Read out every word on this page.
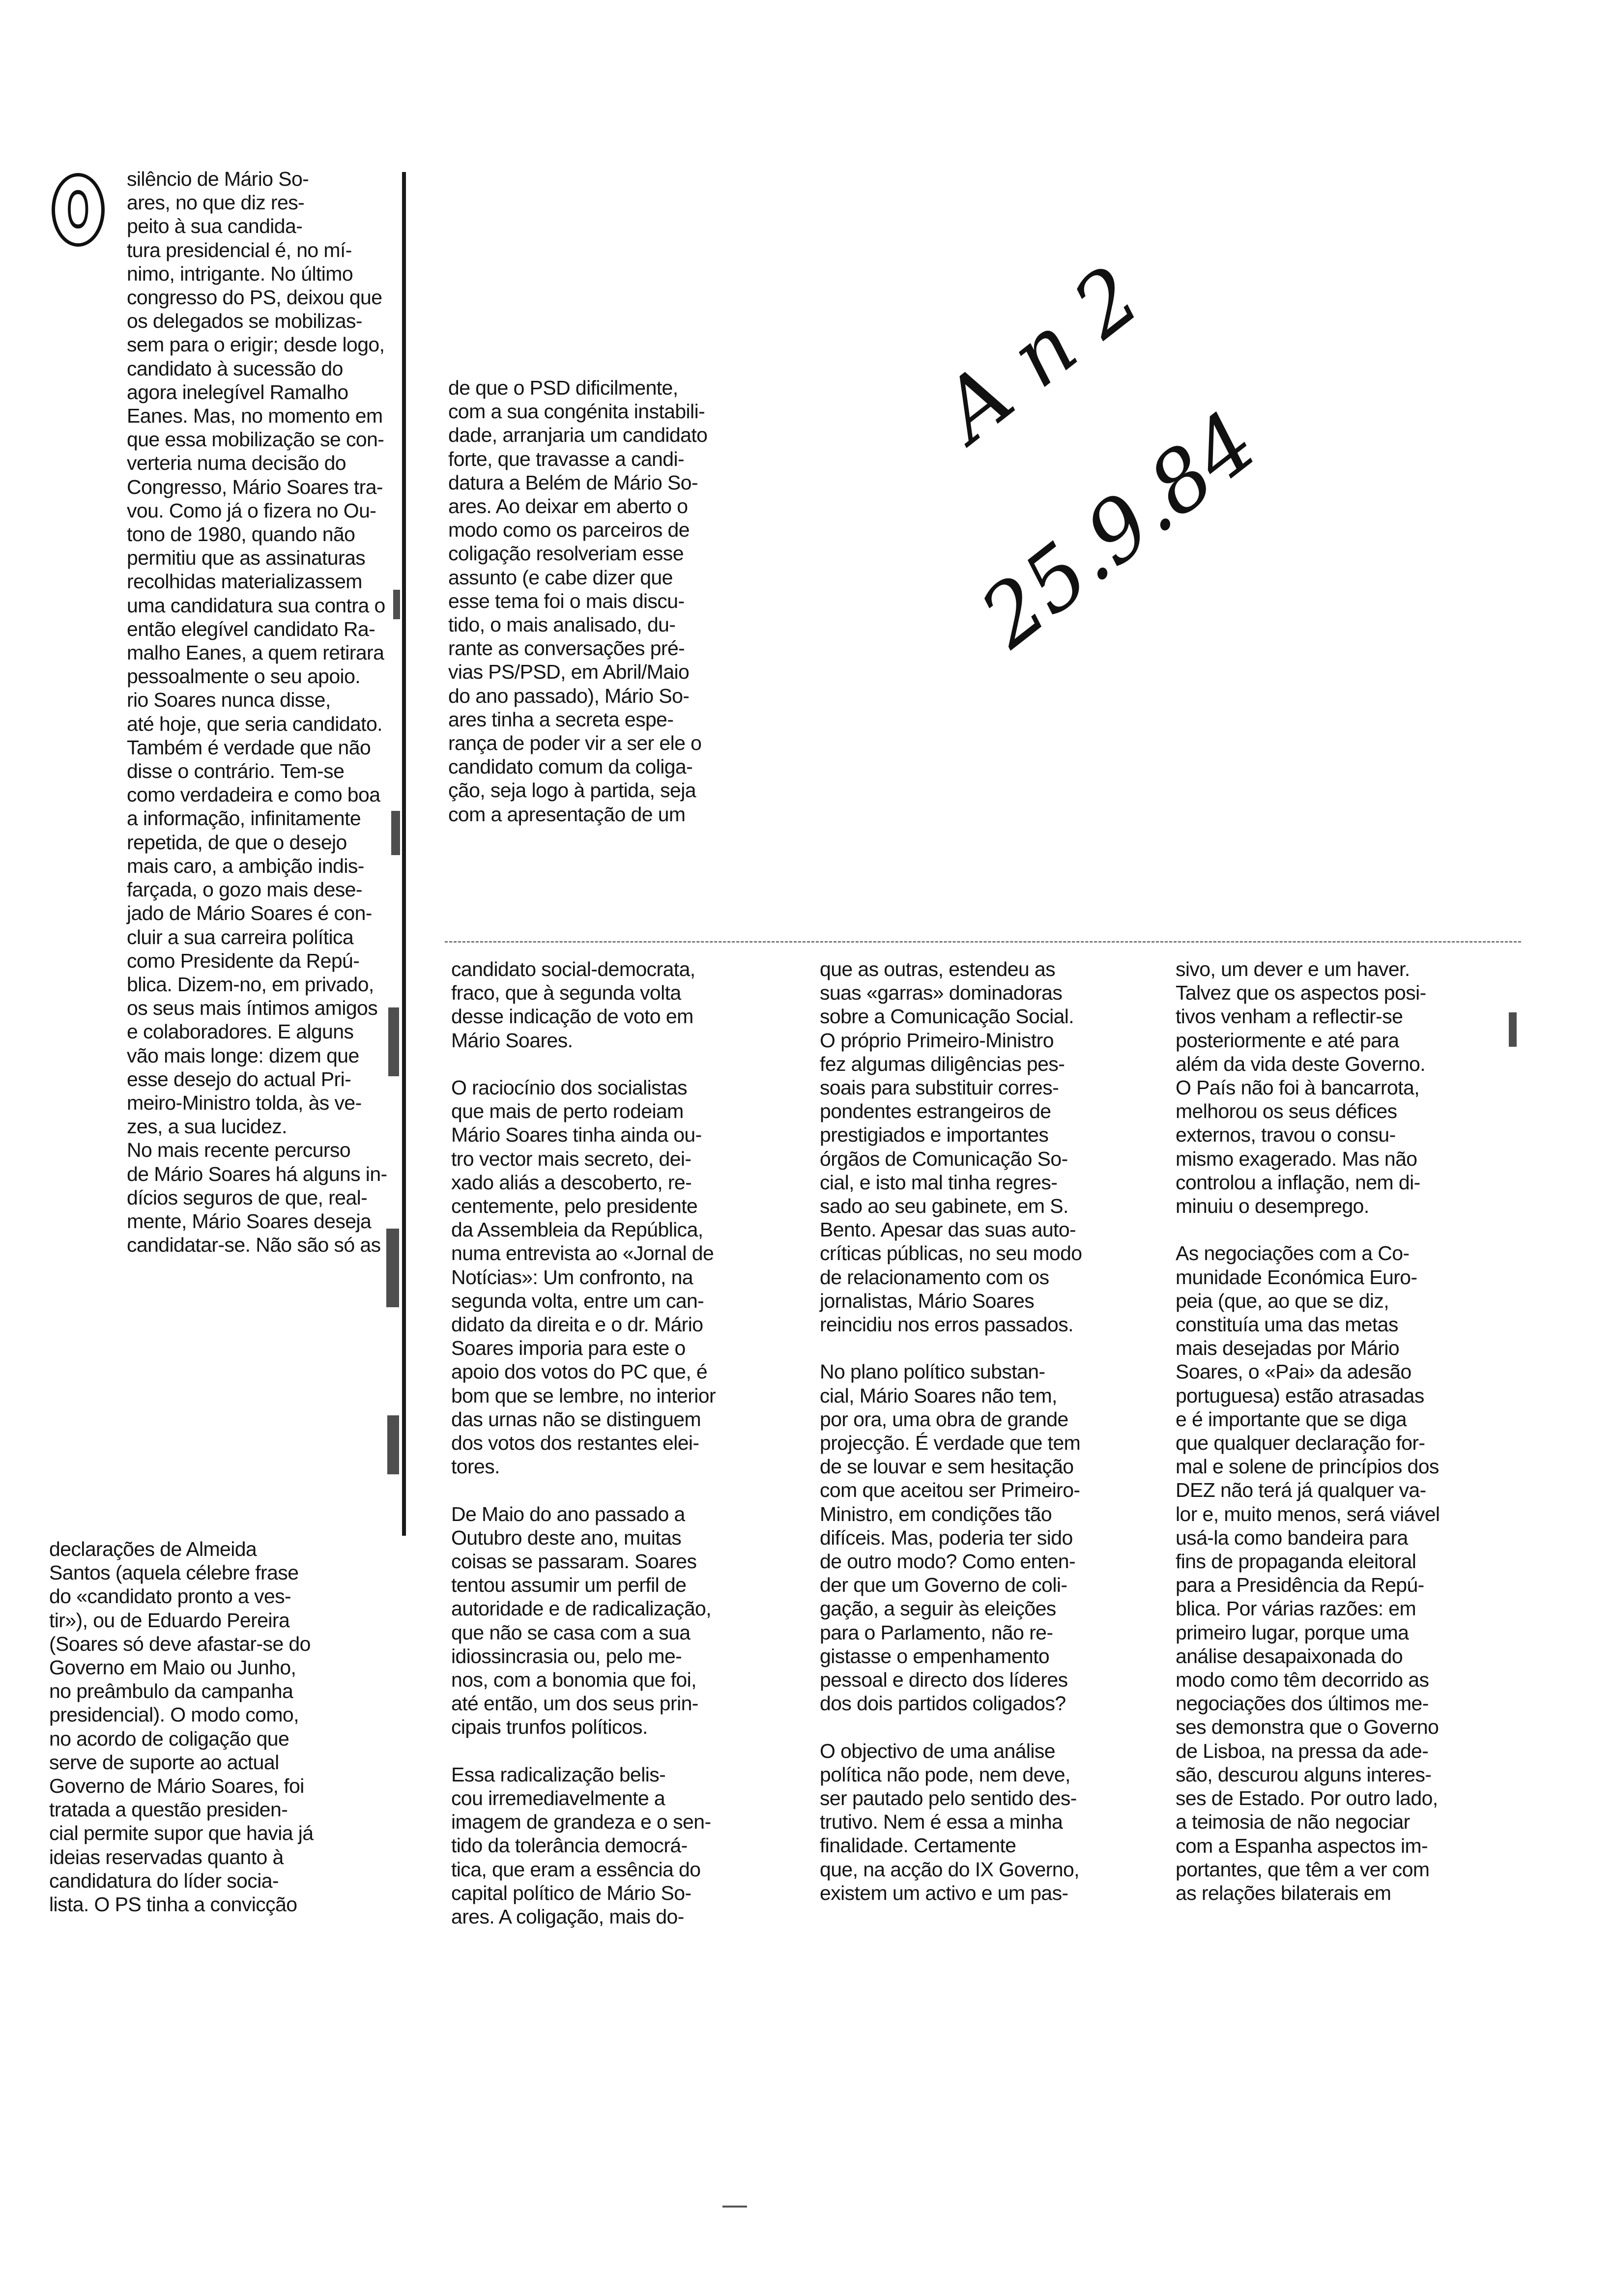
O
silêncio de Mário So-
ares, no que diz res-
peito à sua candida-
tura presidencial é, no mí-
nimo, intrigante. No último
congresso do PS, deixou que
os delegados se mobilizas-
sem para o erigir; desde logo,
candidato à sucessão do
agora inelegível Ramalho
Eanes. Mas, no momento em
que essa mobilização se con-
verteria numa decisão do
Congresso, Mário Soares tra-
vou. Como já o fizera no Ou-
tono de 1980, quando não
permitiu que as assinaturas
recolhidas materializassem
uma candidatura sua contra o
então elegível candidato Ra-
malho Eanes, a quem retirara
pessoalmente o seu apoio.
rio Soares nunca disse,
até hoje, que seria candidato.
Também é verdade que não
disse o contrário. Tem-se
como verdadeira e como boa
a informação, infinitamente
repetida, de que o desejo
mais caro, a ambição indis-
farçada, o gozo mais dese-
jado de Mário Soares é con-
cluir a sua carreira política
como Presidente da Repú-
blica. Dizem-no, em privado,
os seus mais íntimos amigos
e colaboradores. E alguns
vão mais longe: dizem que
esse desejo do actual Pri-
meiro-Ministro tolda, às ve-
zes, a sua lucidez.
No mais recente percurso
de Mário Soares há alguns in-
dícios seguros de que, real-
mente, Mário Soares deseja
candidatar-se. Não são só as
declarações de Almeida
Santos (aquela célebre frase
do «candidato pronto a ves-
tir»), ou de Eduardo Pereira
(Soares só deve afastar-se do
Governo em Maio ou Junho,
no preâmbulo da campanha
presidencial). O modo como,
no acordo de coligação que
serve de suporte ao actual
Governo de Mário Soares, foi
tratada a questão presiden-
cial permite supor que havia já
ideias reservadas quanto à
candidatura do líder socia-
lista. O PS tinha a convicção
de que o PSD dificilmente,
com a sua congénita instabili-
dade, arranjaria um candidato
forte, que travasse a candi-
datura a Belém de Mário So-
ares. Ao deixar em aberto o
modo como os parceiros de
coligação resolveriam esse
assunto (e cabe dizer que
esse tema foi o mais discu-
tido, o mais analisado, du-
rante as conversações pré-
vias PS/PSD, em Abril/Maio
do ano passado), Mário So-
ares tinha a secreta espe-
rança de poder vir a ser ele o
candidato comum da coliga-
ção, seja logo à partida, seja
com a apresentação de um
candidato social-democrata,
fraco, que à segunda volta
desse indicação de voto em
Mário Soares.
O raciocínio dos socialistas
que mais de perto rodeiam
Mário Soares tinha ainda ou-
tro vector mais secreto, dei-
xado aliás a descoberto, re-
centemente, pelo presidente
da Assembleia da República,
numa entrevista ao «Jornal de
Notícias»: Um confronto, na
segunda volta, entre um can-
didato da direita e o dr. Mário
Soares imporia para este o
apoio dos votos do PC que, é
bom que se lembre, no interior
das urnas não se distinguem
dos votos dos restantes elei-
tores.
De Maio do ano passado a
Outubro deste ano, muitas
coisas se passaram. Soares
tentou assumir um perfil de
autoridade e de radicalização,
que não se casa com a sua
idiossincrasia ou, pelo me-
nos, com a bonomia que foi,
até então, um dos seus prin-
cipais trunfos políticos.
Essa radicalização belis-
cou irremediavelmente a
imagem de grandeza e o sen-
tido da tolerância democrá-
tica, que eram a essência do
capital político de Mário So-
ares. A coligação, mais do-
que as outras, estendeu as
suas «garras» dominadoras
sobre a Comunicação Social.
O próprio Primeiro-Ministro
fez algumas diligências pes-
soais para substituir corres-
pondentes estrangeiros de
prestigiados e importantes
órgãos de Comunicação So-
cial, e isto mal tinha regres-
sado ao seu gabinete, em S.
Bento. Apesar das suas auto-
críticas públicas, no seu modo
de relacionamento com os
jornalistas, Mário Soares
reincidiu nos erros passados.
No plano político substan-
cial, Mário Soares não tem,
por ora, uma obra de grande
projecção. É verdade que tem
de se louvar e sem hesitação
com que aceitou ser Primeiro-
Ministro, em condições tão
difíceis. Mas, poderia ter sido
de outro modo? Como enten-
der que um Governo de coli-
gação, a seguir às eleições
para o Parlamento, não re-
gistasse o empenhamento
pessoal e directo dos líderes
dos dois partidos coligados?
O objectivo de uma análise
política não pode, nem deve,
ser pautado pelo sentido des-
trutivo. Nem é essa a minha
finalidade. Certamente
que, na acção do IX Governo,
existem um activo e um pas-
sivo, um dever e um haver.
Talvez que os aspectos posi-
tivos venham a reflectir-se
posteriormente e até para
além da vida deste Governo.
O País não foi à bancarrota,
melhorou os seus défices
externos, travou o consu-
mismo exagerado. Mas não
controlou a inflação, nem di-
minuiu o desemprego.
As negociações com a Co-
munidade Económica Euro-
peia (que, ao que se diz,
constituía uma das metas
mais desejadas por Mário
Soares, o «Pai» da adesão
portuguesa) estão atrasadas
e é importante que se diga
que qualquer declaração for-
mal e solene de princípios dos
DEZ não terá já qualquer va-
lor e, muito menos, será viável
usá-la como bandeira para
fins de propaganda eleitoral
para a Presidência da Repú-
blica. Por várias razões: em
primeiro lugar, porque uma
análise desapaixonada do
modo como têm decorrido as
negociações dos últimos me-
ses demonstra que o Governo
de Lisboa, na pressa da ade-
são, descurou alguns interes-
ses de Estado. Por outro lado,
a teimosia de não negociar
com a Espanha aspectos im-
portantes, que têm a ver com
as relações bilaterais em
A n 2
25.9.84
